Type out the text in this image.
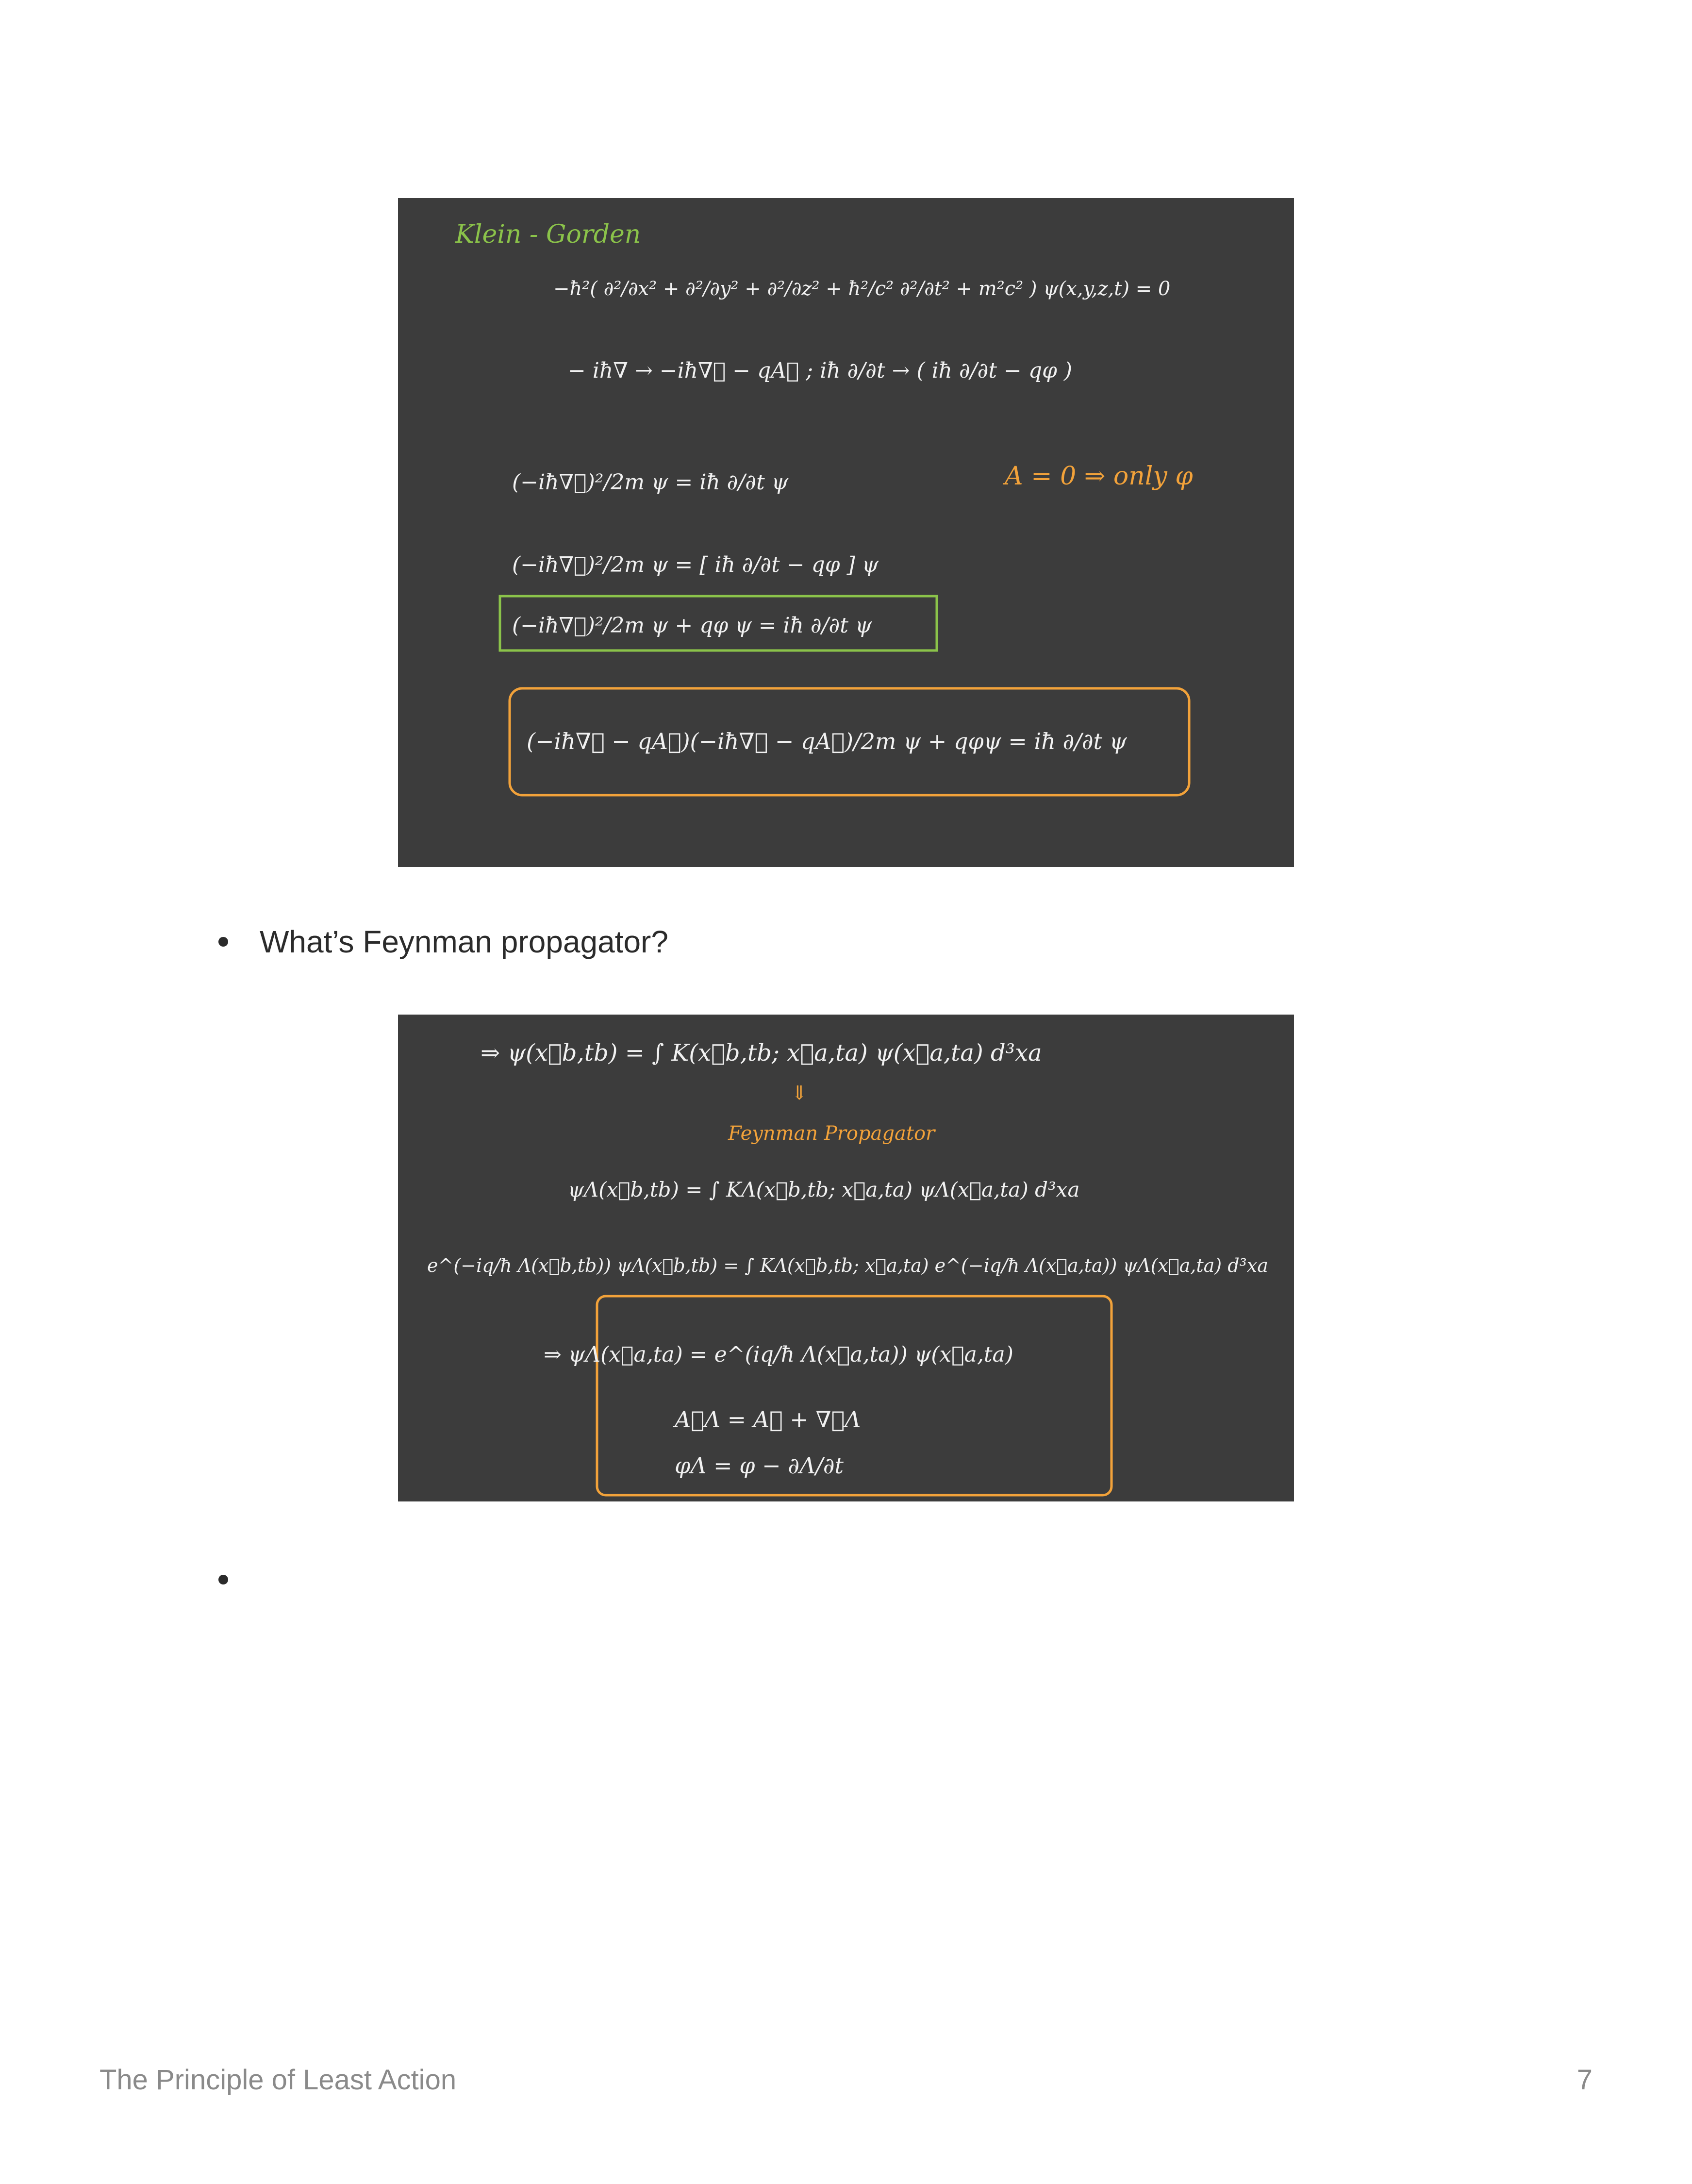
Klein - Gorden
−ħ²( ∂²/∂x² + ∂²/∂y² + ∂²/∂z² + ħ²/c² ∂²/∂t² + m²c² ) ψ(x,y,z,t) = 0
− iħ∇ → −iħ∇⃗ − qA⃗ ; iħ ∂/∂t → ( iħ ∂/∂t − qφ )
(−iħ∇⃗)²/2m ψ = iħ ∂/∂t ψ	A = 0 ⇒ only φ
(−iħ∇⃗)²/2m ψ = [ iħ ∂/∂t − qφ ] ψ
(−iħ∇⃗)²/2m ψ + qφ ψ = iħ ∂/∂t ψ
(−iħ∇⃗ − qA⃗)(−iħ∇⃗ − qA⃗)/2m ψ + qφψ = iħ ∂/∂t ψ
What’s Feynman propagator?
⇒ ψ(x⃗b,tb) = ∫ K(x⃗b,tb; x⃗a,ta) ψ(x⃗a,ta) d³xa
⇓
Feynman Propagator
ψΛ(x⃗b,tb) = ∫ KΛ(x⃗b,tb; x⃗a,ta) ψΛ(x⃗a,ta) d³xa
e^(−iq/ħ Λ(x⃗b,tb)) ψΛ(x⃗b,tb) = ∫ KΛ(x⃗b,tb; x⃗a,ta) e^(−iq/ħ Λ(x⃗a,ta)) ψΛ(x⃗a,ta) d³xa
⇒ ψΛ(x⃗a,ta) = e^(iq/ħ Λ(x⃗a,ta)) ψ(x⃗a,ta)
A⃗Λ = A⃗ + ∇⃗Λ
φΛ = φ − ∂Λ/∂t
The Principle of Least Action	7
